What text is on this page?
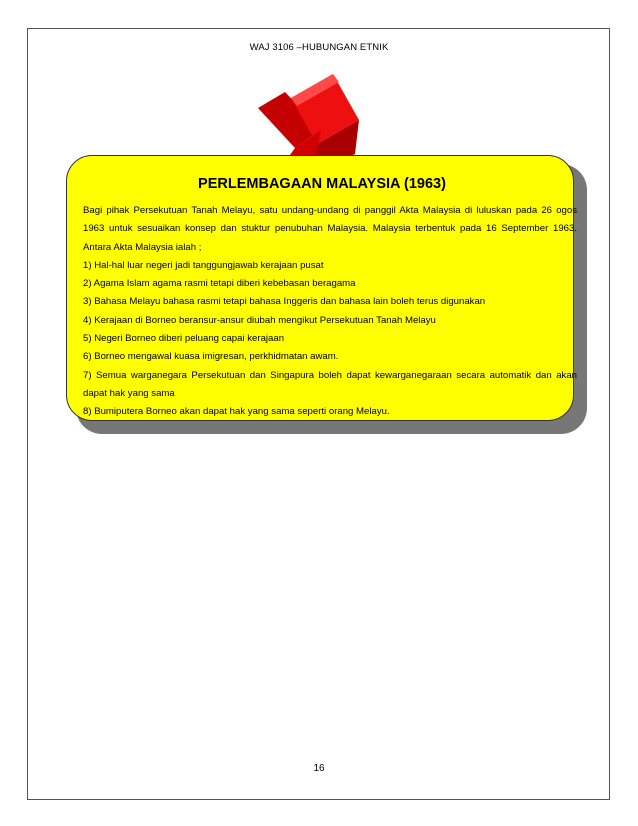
WAJ 3106 –HUBUNGAN ETNIK
PERLEMBAGAAN MALAYSIA (1963)

Bagi pihak Persekutuan Tanah Melayu, satu undang-undang di panggil Akta Malaysia di luluskan pada 26 ogos 1963 untuk sesuaikan konsep dan stuktur penubuhan Malaysia. Malaysia terbentuk pada 16 September 1963. Antara Akta Malaysia ialah ;

1) Hal-hal luar negeri jadi tanggungjawab kerajaan pusat

2) Agama Islam agama rasmi tetapi diberi kebebasan beragama

3) Bahasa Melayu bahasa rasmi tetapi bahasa Inggeris dan bahasa lain boleh terus digunakan

4) Kerajaan di Borneo beransur-ansur diubah mengikut Persekutuan Tanah Melayu

5) Negeri Borneo diberi peluang capai kerajaan

6) Borneo mengawal kuasa imigresan, perkhidmatan awam.

7) Semua warganegara Persekutuan dan Singapura boleh dapat kewarganegaraan secara automatik dan akan dapat hak yang sama

8) Bumiputera Borneo akan dapat hak yang sama seperti orang Melayu.

16
